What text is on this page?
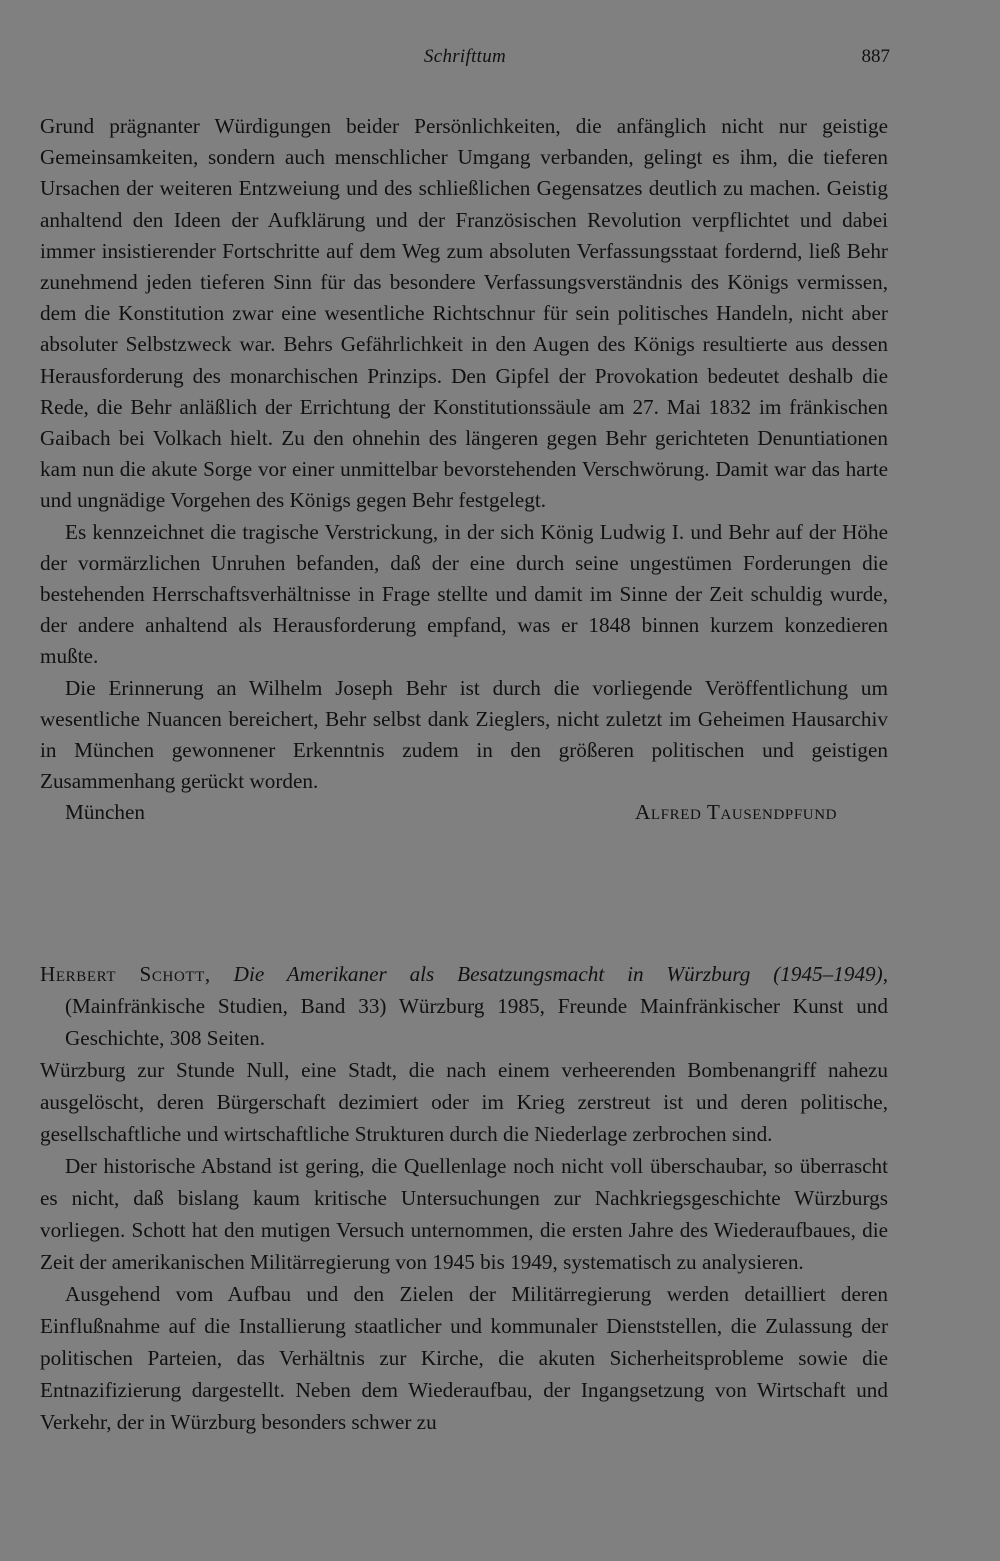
Schrifttum	887

Grund prägnanter Würdigungen beider Persönlichkeiten, die anfänglich nicht nur geistige Gemeinsamkeiten, sondern auch menschlicher Umgang verbanden, gelingt es ihm, die tieferen Ursachen der weiteren Entzweiung und des schließlichen Gegensatzes deutlich zu machen. Geistig anhaltend den Ideen der Aufklärung und der Französischen Revolution verpflichtet und dabei immer insistierender Fortschritte auf dem Weg zum absoluten Verfassungsstaat fordernd, ließ Behr zunehmend jeden tieferen Sinn für das besondere Verfassungsverständnis des Königs vermissen, dem die Konstitution zwar eine wesentliche Richtschnur für sein politisches Handeln, nicht aber absoluter Selbstzweck war. Behrs Gefährlichkeit in den Augen des Königs resultierte aus dessen Herausforderung des monarchischen Prinzips. Den Gipfel der Provokation bedeutet deshalb die Rede, die Behr anläßlich der Errichtung der Konstitutionssäule am 27. Mai 1832 im fränkischen Gaibach bei Volkach hielt. Zu den ohnehin des längeren gegen Behr gerichteten Denuntiationen kam nun die akute Sorge vor einer unmittelbar bevorstehenden Verschwörung. Damit war das harte und ungnädige Vorgehen des Königs gegen Behr festgelegt.

Es kennzeichnet die tragische Verstrickung, in der sich König Ludwig I. und Behr auf der Höhe der vormärzlichen Unruhen befanden, daß der eine durch seine ungestümen Forderungen die bestehenden Herrschaftsverhältnisse in Frage stellte und damit im Sinne der Zeit schuldig wurde, der andere anhaltend als Herausforderung empfand, was er 1848 binnen kurzem konzedieren mußte.

Die Erinnerung an Wilhelm Joseph Behr ist durch die vorliegende Veröffentlichung um wesentliche Nuancen bereichert, Behr selbst dank Zieglers, nicht zuletzt im Geheimen Hausarchiv in München gewonnener Erkenntnis zudem in den größeren politischen und geistigen Zusammenhang gerückt worden.

München	Alfred Tausendpfund

Herbert Schott, Die Amerikaner als Besatzungsmacht in Würzburg (1945–1949), (Mainfränkische Studien, Band 33) Würzburg 1985, Freunde Mainfränkischer Kunst und Geschichte, 308 Seiten.

Würzburg zur Stunde Null, eine Stadt, die nach einem verheerenden Bombenangriff nahezu ausgelöscht, deren Bürgerschaft dezimiert oder im Krieg zerstreut ist und deren politische, gesellschaftliche und wirtschaftliche Strukturen durch die Niederlage zerbrochen sind.

Der historische Abstand ist gering, die Quellenlage noch nicht voll überschaubar, so überrascht es nicht, daß bislang kaum kritische Untersuchungen zur Nachkriegsgeschichte Würzburgs vorliegen. Schott hat den mutigen Versuch unternommen, die ersten Jahre des Wiederaufbaues, die Zeit der amerikanischen Militärregierung von 1945 bis 1949, systematisch zu analysieren.

Ausgehend vom Aufbau und den Zielen der Militärregierung werden detailliert deren Einflußnahme auf die Installierung staatlicher und kommunaler Dienststellen, die Zulassung der politischen Parteien, das Verhältnis zur Kirche, die akuten Sicherheitsprobleme sowie die Entnazifizierung dargestellt. Neben dem Wiederaufbau, der Ingangsetzung von Wirtschaft und Verkehr, der in Würzburg besonders schwer zu
